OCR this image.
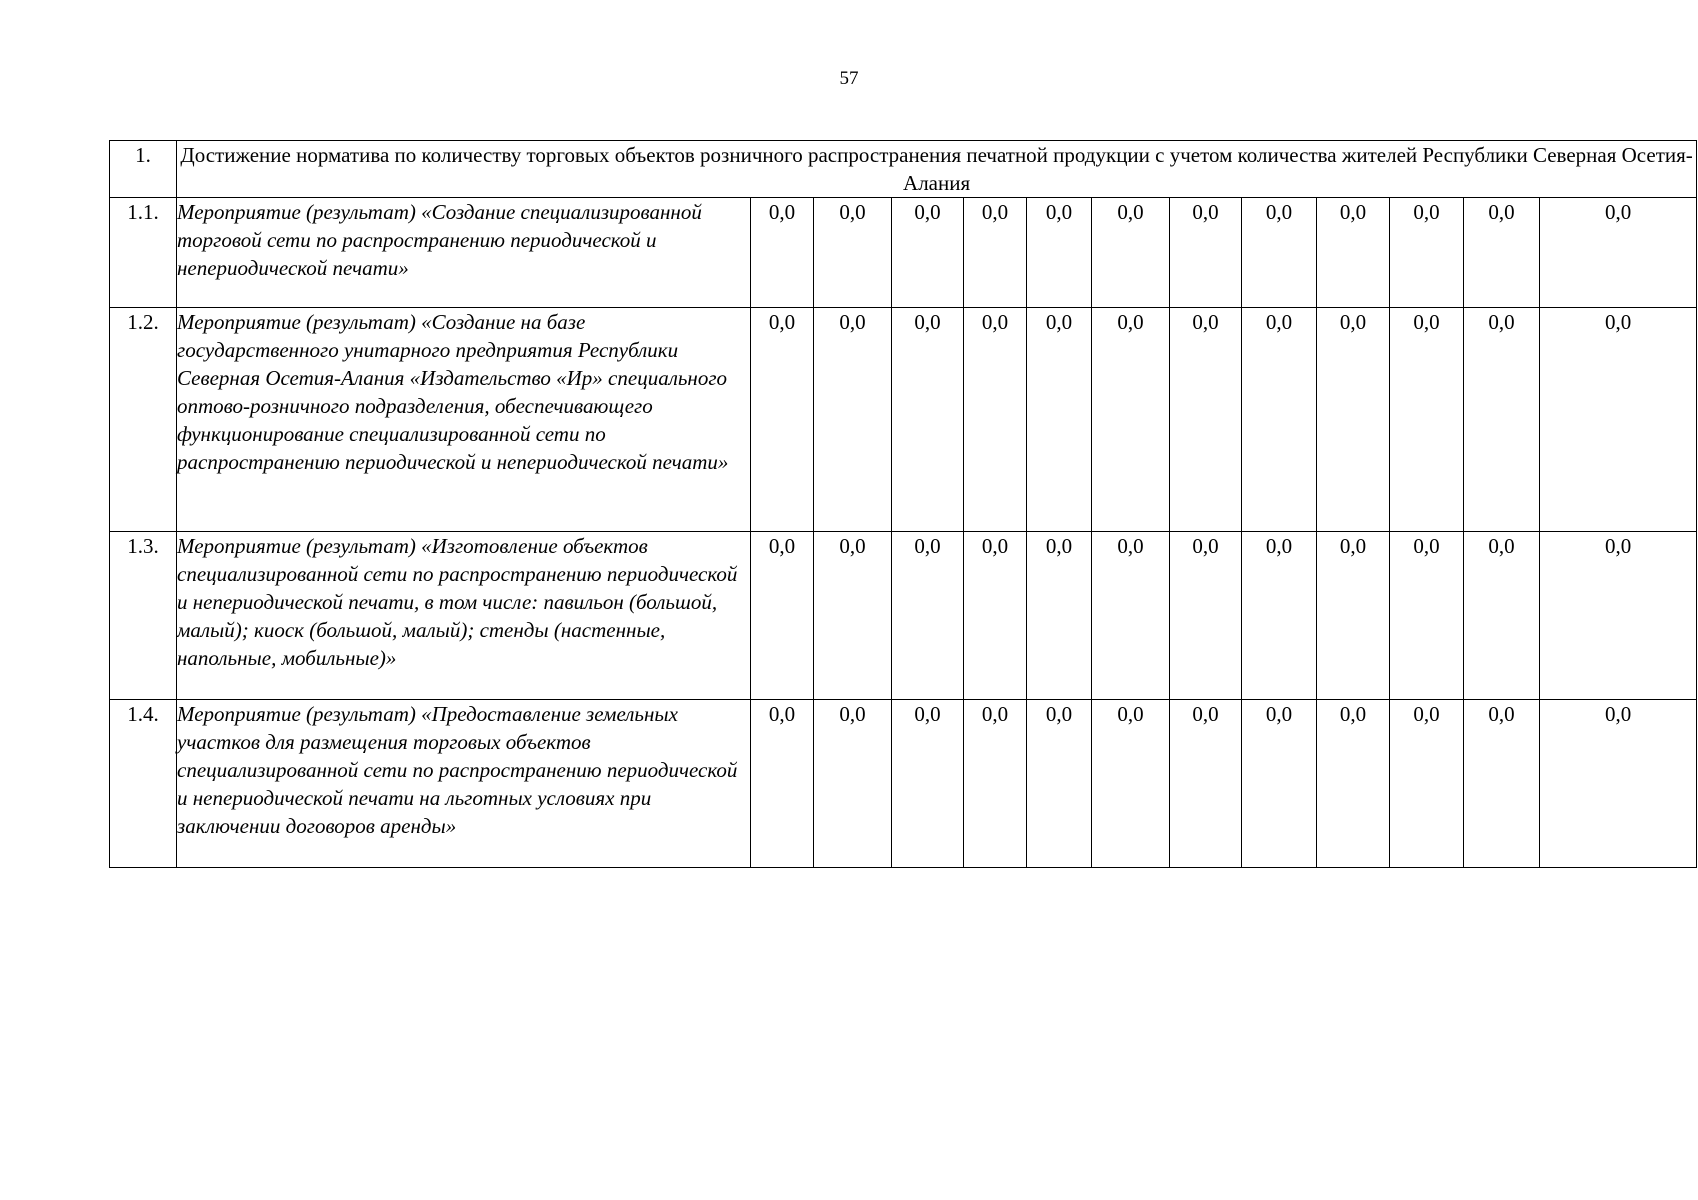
57
1.	Достижение норматива по количеству торговых объектов розничного распространения печатной продукции с учетом количества жителей Республики Северная Осетия-Алания												
1.1.	Мероприятие (результат) «Создание специализированной торговой сети по распространению периодической и непериодической печати»	0,0	0,0	0,0	0,0	0,0	0,0	0,0	0,0	0,0	0,0	0,0	0,0
1.2.	Мероприятие (результат) «Создание на базе государственного унитарного предприятия Республики Северная Осетия-Алания «Издательство «Ир» специального оптово-розничного подразделения, обеспечивающего функционирование специализированной сети по распространению периодической и непериодической печати»	0,0	0,0	0,0	0,0	0,0	0,0	0,0	0,0	0,0	0,0	0,0	0,0
1.3.	Мероприятие (результат) «Изготовление объектов специализированной сети по распространению периодической и непериодической печати, в том числе: павильон (большой, малый); киоск (большой, малый); стенды (настенные, напольные, мобильные)»	0,0	0,0	0,0	0,0	0,0	0,0	0,0	0,0	0,0	0,0	0,0	0,0
1.4.	Мероприятие (результат) «Предоставление земельных участков для размещения торговых объектов специализированной сети по распространению периодической и непериодической печати на льготных условиях при заключении договоров аренды»	0,0	0,0	0,0	0,0	0,0	0,0	0,0	0,0	0,0	0,0	0,0	0,0
